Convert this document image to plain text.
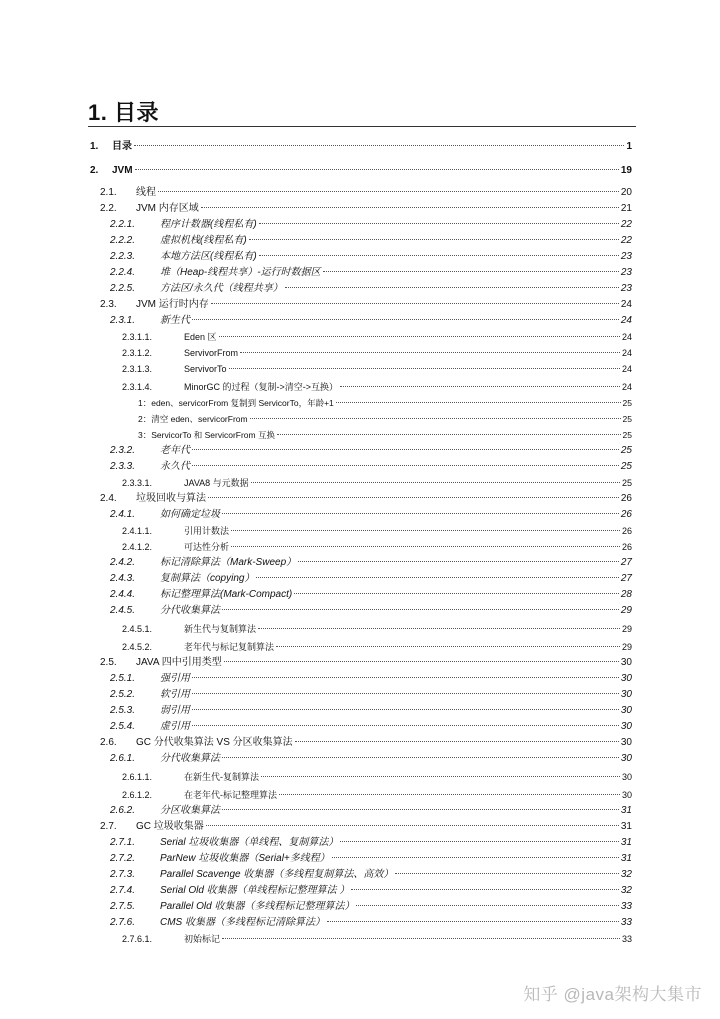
1. 目录
1.	目录	1
2.	JVM	19
2.1.	线程	20
2.2.	JVM 内存区域	21
2.2.1.	程序计数器(线程私有)	22
2.2.2.	虚拟机栈(线程私有)	22
2.2.3.	本地方法区(线程私有)	23
2.2.4.	堆（Heap-线程共享）-运行时数据区	23
2.2.5.	方法区/永久代（线程共享）	23
2.3.	JVM 运行时内存	24
2.3.1.	新生代	24
2.3.1.1.	Eden 区	24
2.3.1.2.	ServivorFrom	24
2.3.1.3.	ServivorTo	24
2.3.1.4.	MinorGC 的过程（复制->清空->互换）	24
1：eden、servicorFrom 复制到 ServicorTo，年龄+1	25
2：清空 eden、servicorFrom	25
3：ServicorTo 和 ServicorFrom 互换	25
2.3.2.	老年代	25
2.3.3.	永久代	25
2.3.3.1.	JAVA8 与元数据	25
2.4.	垃圾回收与算法	26
2.4.1.	如何确定垃圾	26
2.4.1.1.	引用计数法	26
2.4.1.2.	可达性分析	26
2.4.2.	标记清除算法（Mark-Sweep）	27
2.4.3.	复制算法（copying）	27
2.4.4.	标记整理算法(Mark-Compact)	28
2.4.5.	分代收集算法	29
2.4.5.1.	新生代与复制算法	29
2.4.5.2.	老年代与标记复制算法	29
2.5.	JAVA 四中引用类型	30
2.5.1.	强引用	30
2.5.2.	软引用	30
2.5.3.	弱引用	30
2.5.4.	虚引用	30
2.6.	GC 分代收集算法 VS 分区收集算法	30
2.6.1.	分代收集算法	30
2.6.1.1.	在新生代-复制算法	30
2.6.1.2.	在老年代-标记整理算法	30
2.6.2.	分区收集算法	31
2.7.	GC 垃圾收集器	31
2.7.1.	Serial 垃圾收集器（单线程、复制算法）	31
2.7.2.	ParNew 垃圾收集器（Serial+多线程）	31
2.7.3.	Parallel Scavenge 收集器（多线程复制算法、高效）	32
2.7.4.	Serial Old 收集器（单线程标记整理算法 ）	32
2.7.5.	Parallel Old 收集器（多线程标记整理算法）	33
2.7.6.	CMS 收集器（多线程标记清除算法）	33
2.7.6.1.	初始标记	33
知乎 @java架构大集市
